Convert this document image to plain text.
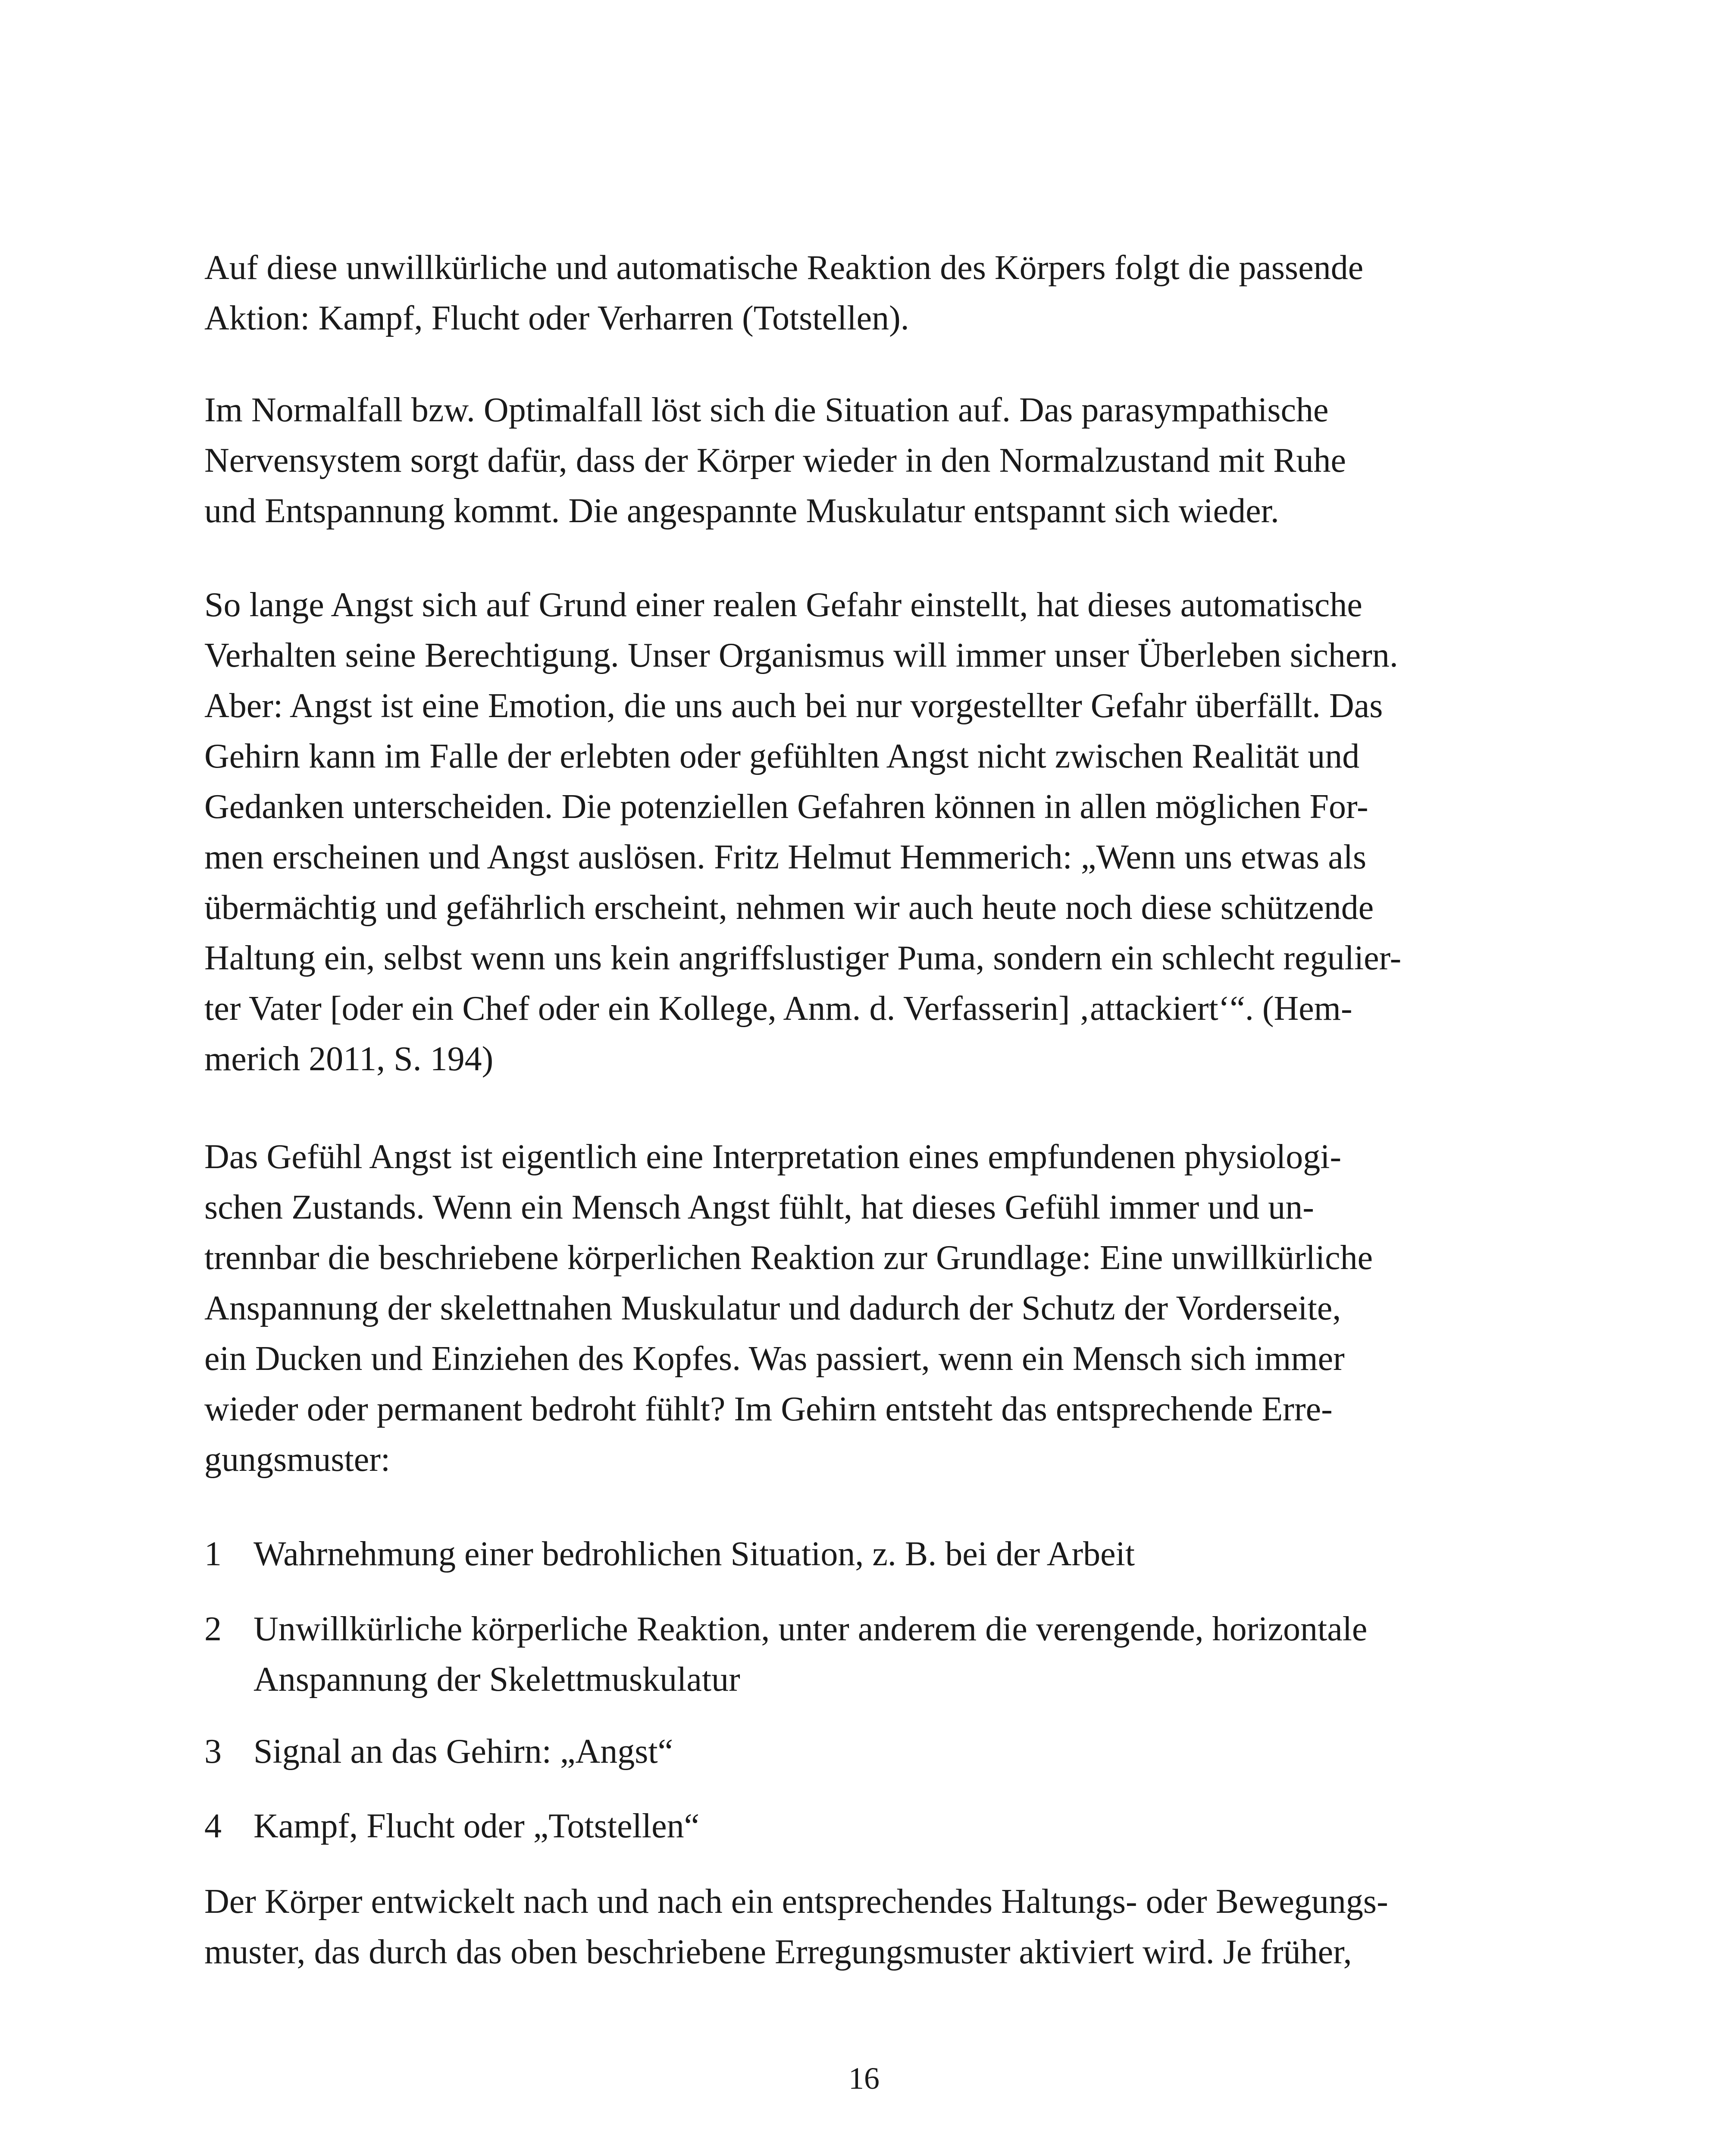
Auf diese unwillkürliche und automatische Reaktion des Körpers folgt die passende
Aktion: Kampf, Flucht oder Verharren (Totstellen).

Im Normalfall bzw. Optimalfall löst sich die Situation auf. Das parasympathische
Nervensystem sorgt dafür, dass der Körper wieder in den Normalzustand mit Ruhe
und Entspannung kommt. Die angespannte Muskulatur entspannt sich wieder.

So lange Angst sich auf Grund einer realen Gefahr einstellt, hat dieses automatische
Verhalten seine Berechtigung. Unser Organismus will immer unser Überleben sichern.
Aber: Angst ist eine Emotion, die uns auch bei nur vorgestellter Gefahr überfällt. Das
Gehirn kann im Falle der erlebten oder gefühlten Angst nicht zwischen Realität und
Gedanken unterscheiden. Die potenziellen Gefahren können in allen möglichen For-
men erscheinen und Angst auslösen. Fritz Helmut Hemmerich: „Wenn uns etwas als
übermächtig und gefährlich erscheint, nehmen wir auch heute noch diese schützende
Haltung ein, selbst wenn uns kein angriffslustiger Puma, sondern ein schlecht regulier-
ter Vater [oder ein Chef oder ein Kollege, Anm. d. Verfasserin] ‚attackiert‘“. (Hem-
merich 2011, S. 194)

Das Gefühl Angst ist eigentlich eine Interpretation eines empfundenen physiologi-
schen Zustands. Wenn ein Mensch Angst fühlt, hat dieses Gefühl immer und un-
trennbar die beschriebene körperlichen Reaktion zur Grundlage: Eine unwillkürliche
Anspannung der skelettnahen Muskulatur und dadurch der Schutz der Vorderseite,
ein Ducken und Einziehen des Kopfes. Was passiert, wenn ein Mensch sich immer
wieder oder permanent bedroht fühlt? Im Gehirn entsteht das entsprechende Erre-
gungsmuster:

1 Wahrnehmung einer bedrohlichen Situation, z. B. bei der Arbeit
2 Unwillkürliche körperliche Reaktion, unter anderem die verengende, horizontale
Anspannung der Skelettmuskulatur
3 Signal an das Gehirn: „Angst“
4 Kampf, Flucht oder „Totstellen“

Der Körper entwickelt nach und nach ein entsprechendes Haltungs- oder Bewegungs-
muster, das durch das oben beschriebene Erregungsmuster aktiviert wird. Je früher,

16
